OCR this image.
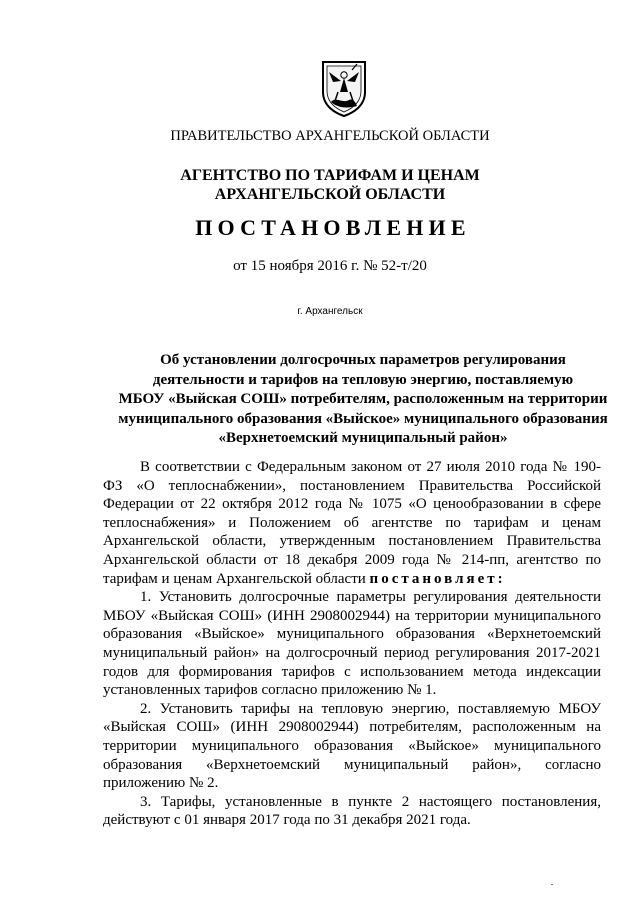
ПРАВИТЕЛЬСТВО АРХАНГЕЛЬСКОЙ ОБЛАСТИ
АГЕНТСТВО ПО ТАРИФАМ И ЦЕНАМ
АРХАНГЕЛЬСКОЙ ОБЛАСТИ
ПОСТАНОВЛЕНИЕ
от 15 ноября 2016 г. № 52-т/20
г. Архангельск
Об установлении долгосрочных параметров регулирования
деятельности и тарифов на тепловую энергию, поставляемую
МБОУ «Выйская СОШ» потребителям, расположенным на территории
муниципального образования «Выйское» муниципального образования
«Верхнетоемский муниципальный район»

В соответствии с Федеральным законом от 27 июля 2010 года № 190-ФЗ «О теплоснабжении», постановлением Правительства Российской Федерации от 22 октября 2012 года № 1075 «О ценообразовании в сфере теплоснабжения» и Положением об агентстве по тарифам и ценам Архангельской области, утвержденным постановлением Правительства Архангельской области от 18 декабря 2009 года № 214-пп, агентство по тарифам и ценам Архангельской области постановляет:

1. Установить долгосрочные параметры регулирования деятельности МБОУ «Выйская СОШ» (ИНН 2908002944) на территории муниципального образования «Выйское» муниципального образования «Верхнетоемский муниципальный район» на долгосрочный период регулирования 2017-2021 годов для формирования тарифов с использованием метода индексации установленных тарифов согласно приложению № 1.

2. Установить тарифы на тепловую энергию, поставляемую МБОУ «Выйская СОШ» (ИНН 2908002944) потребителям, расположенным на территории муниципального образования «Выйское» муниципального образования «Верхнетоемский муниципальный район», согласно приложению № 2.

3. Тарифы, установленные в пункте 2 настоящего постановления, действуют с 01 января 2017 года по 31 декабря 2021 года.
